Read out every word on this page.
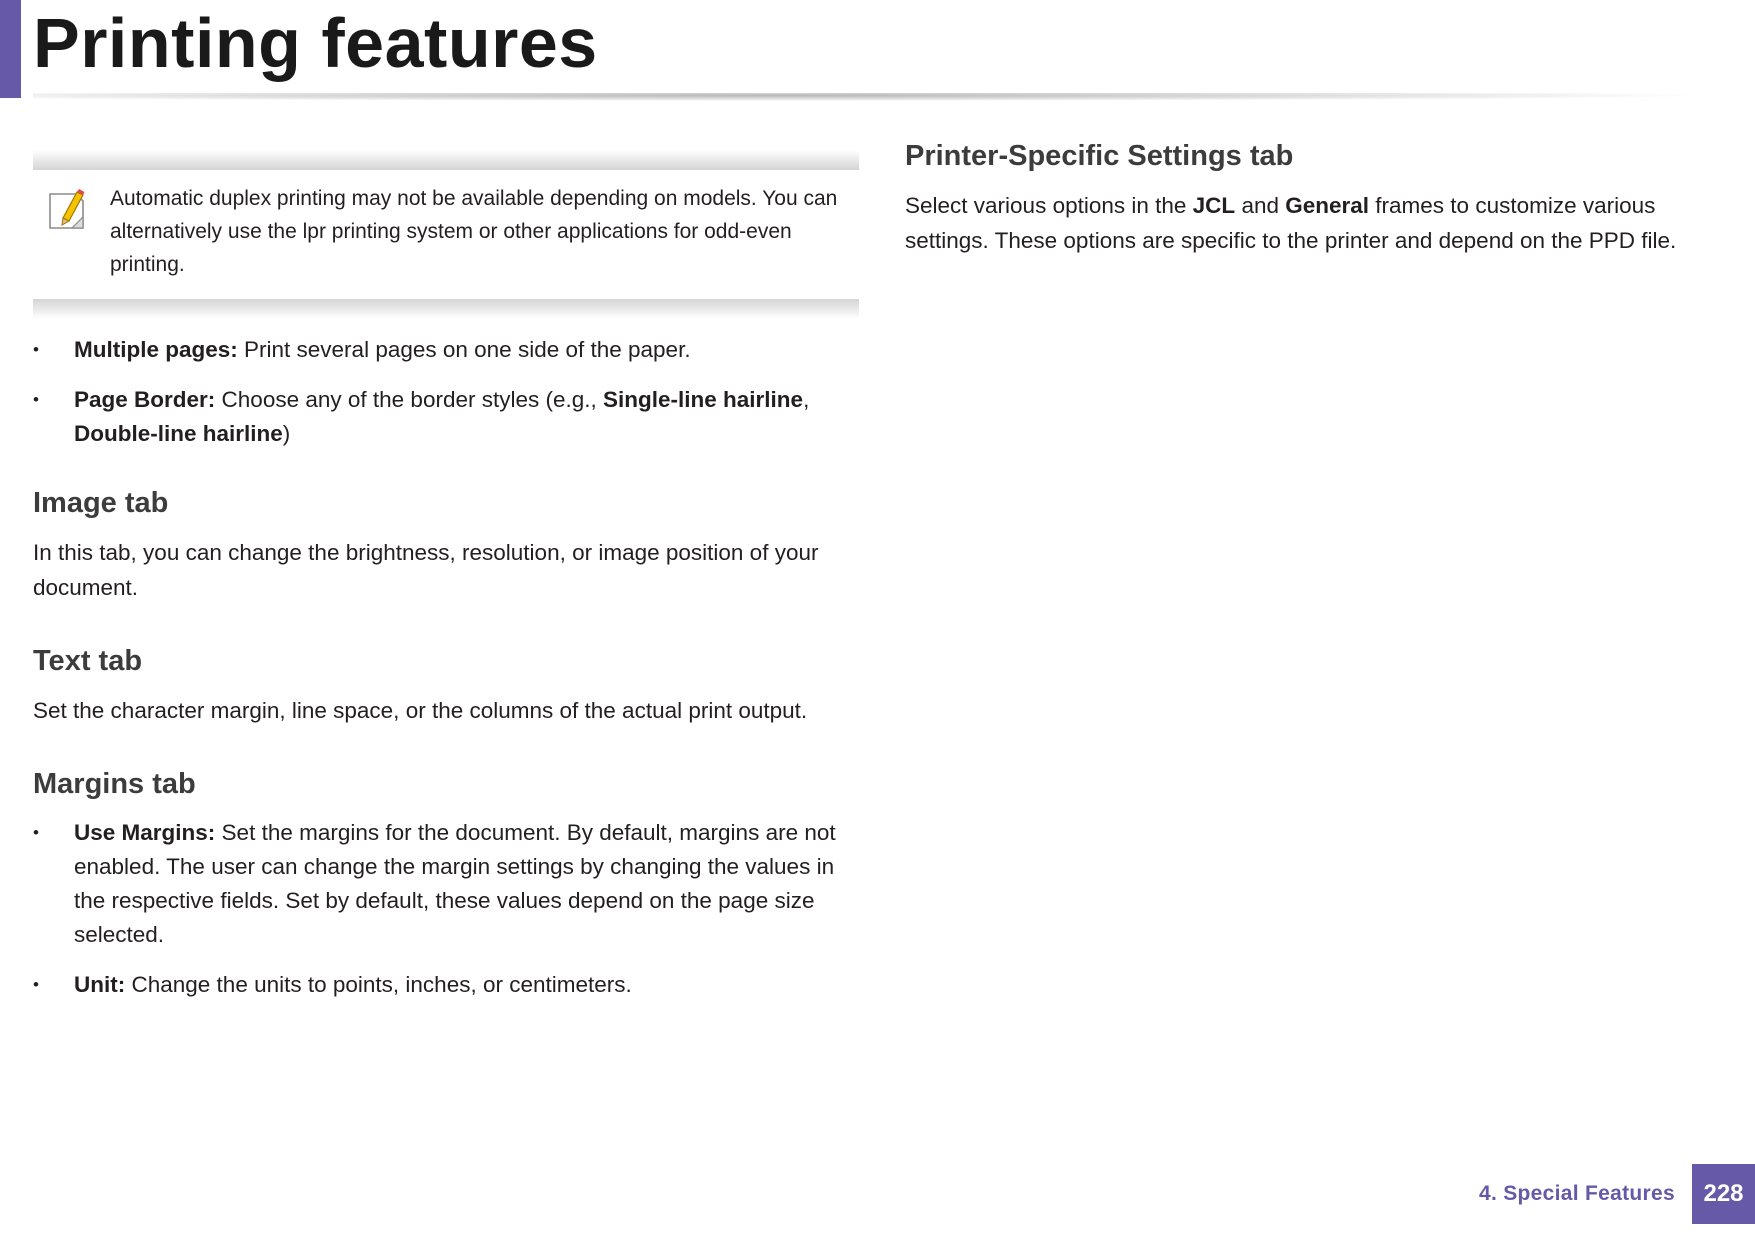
Printing features
Automatic duplex printing may not be available depending on models. You can alternatively use the lpr printing system or other applications for odd-even printing.
• Multiple pages: Print several pages on one side of the paper.
• Page Border: Choose any of the border styles (e.g., Single-line hairline, Double-line hairline)
Image tab

In this tab, you can change the brightness, resolution, or image position of your document.

Text tab

Set the character margin, line space, or the columns of the actual print output.

Margins tab
• Use Margins: Set the margins for the document. By default, margins are not enabled. The user can change the margin settings by changing the values in the respective fields. Set by default, these values depend on the page size selected.
• Unit: Change the units to points, inches, or centimeters.
Printer-Specific Settings tab

Select various options in the JCL and General frames to customize various settings. These options are specific to the printer and depend on the PPD file.

4. Special Features	228
